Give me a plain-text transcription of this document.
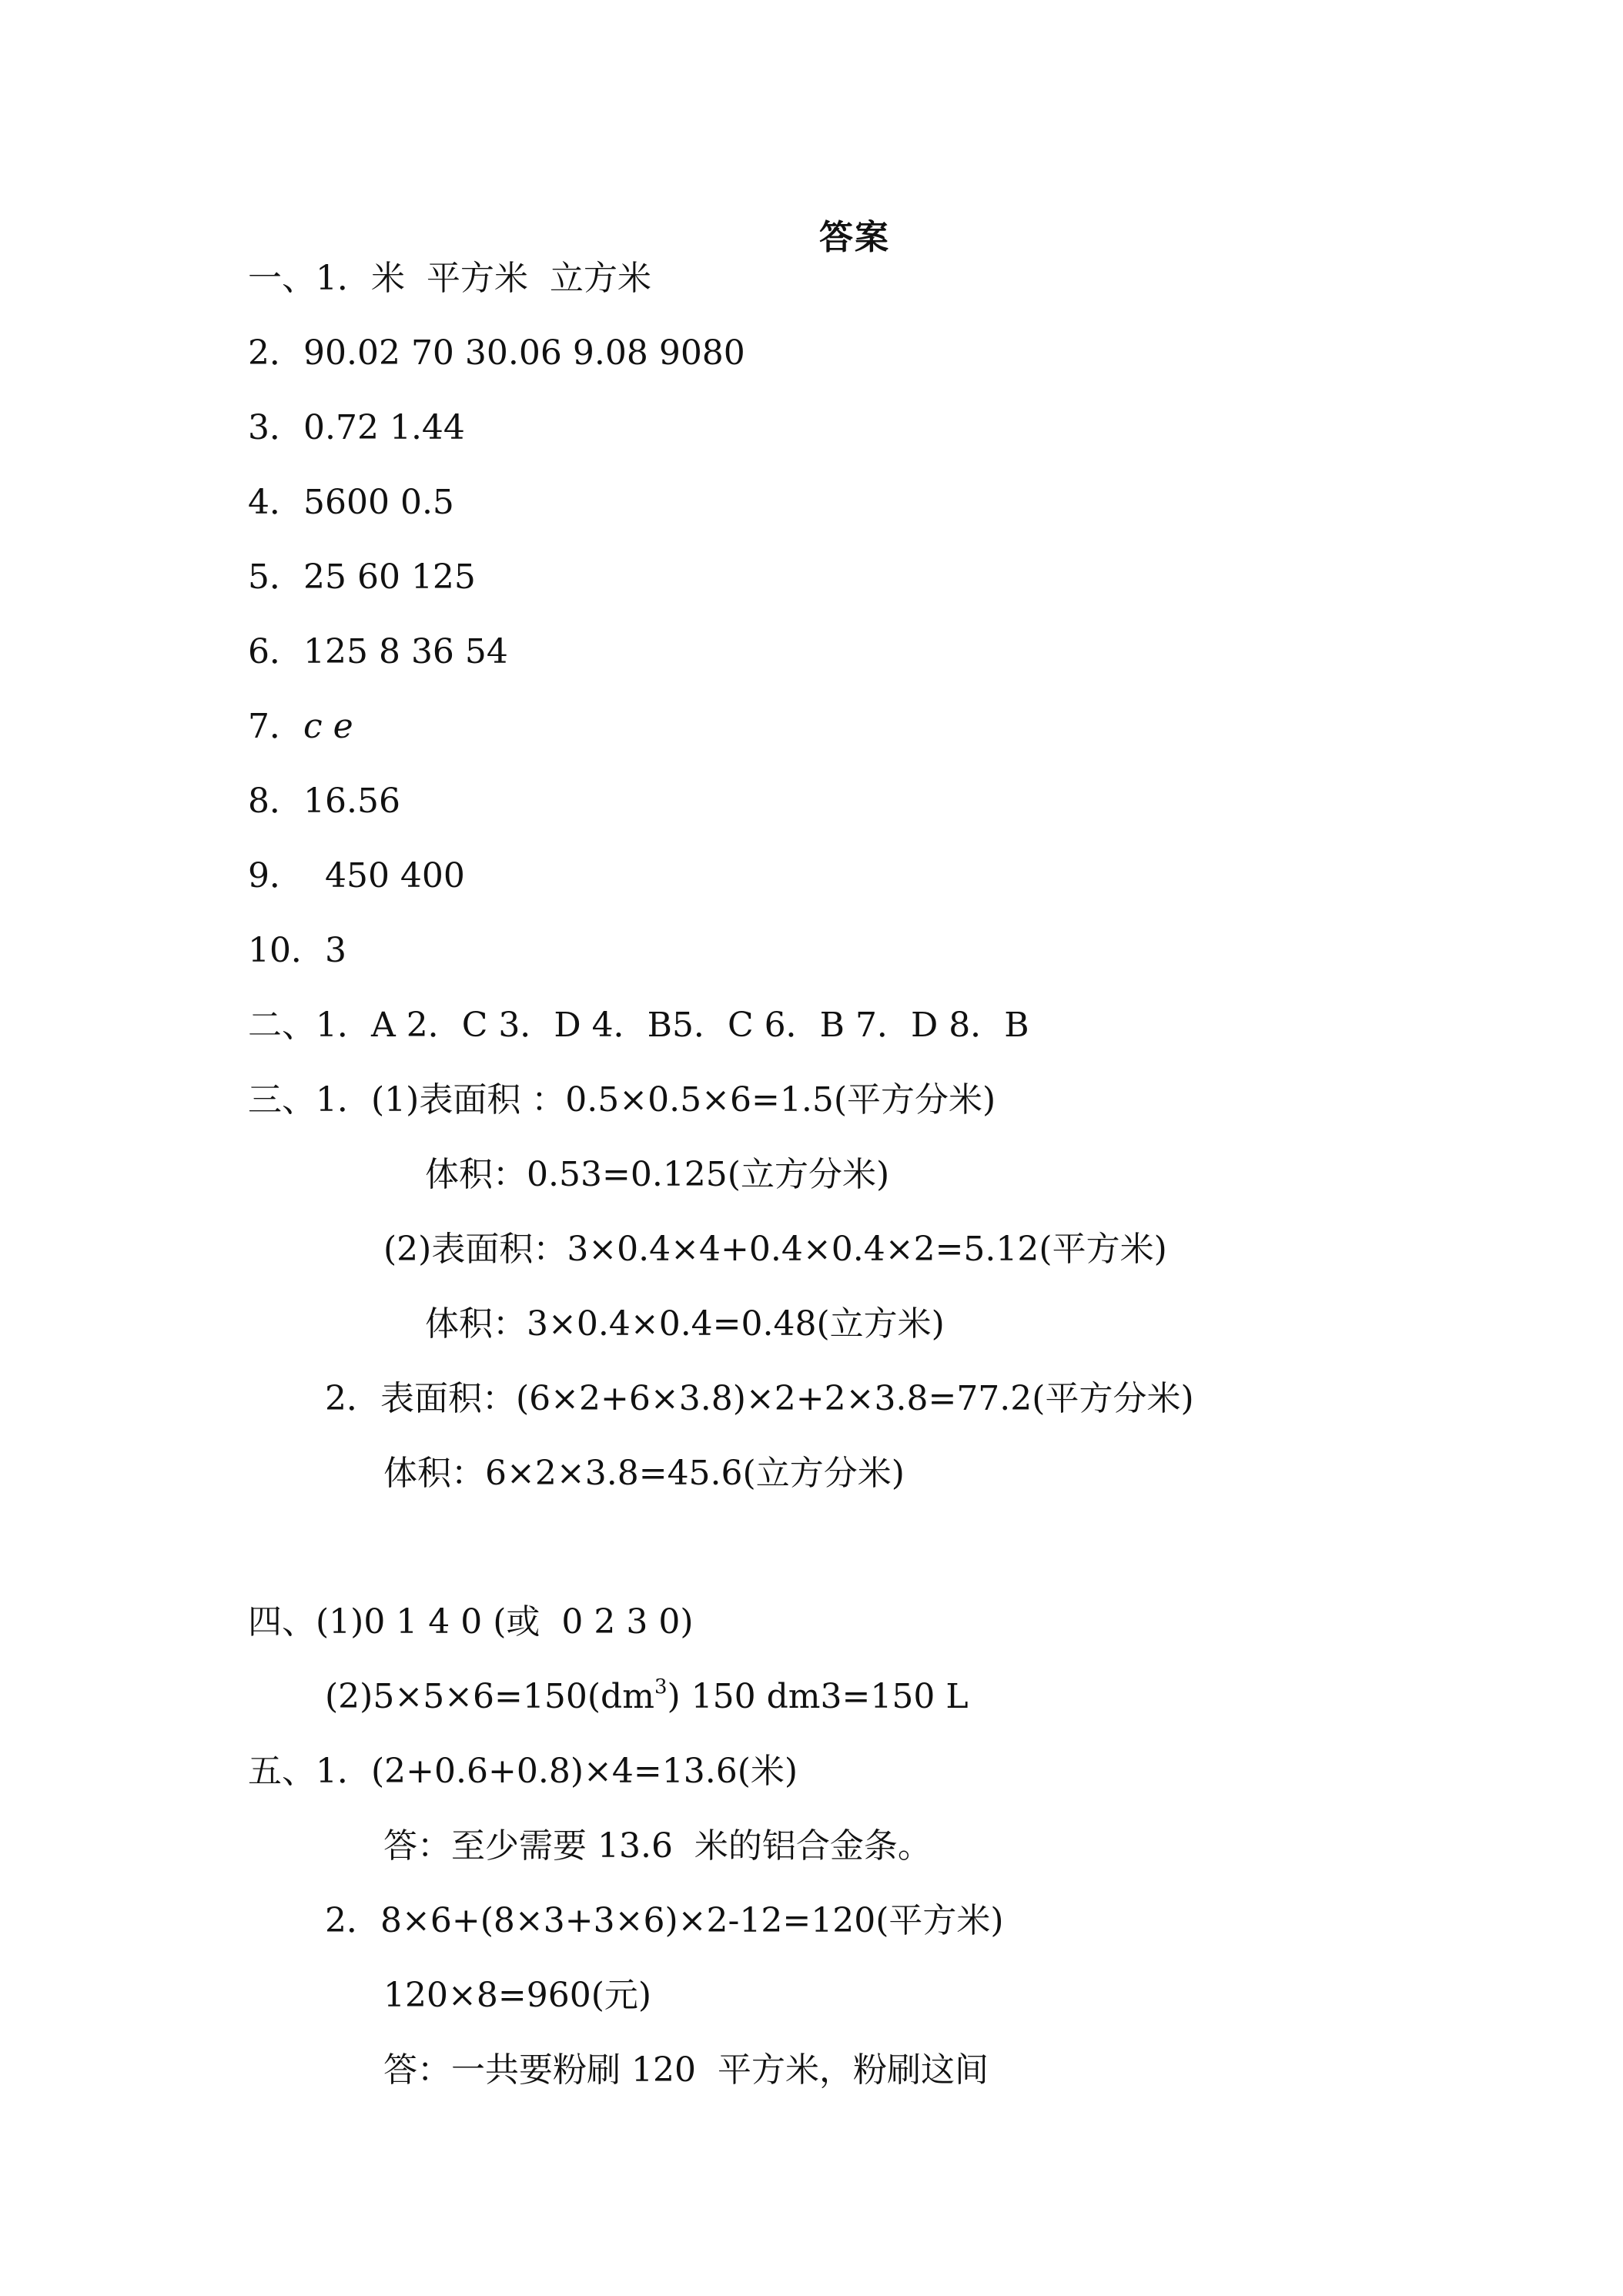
答案
一、1．米  平方米  立方米
2．90.02 70 30.06 9.08 9080
3．0.72 1.44
4．5600 0.5
5．25 60 125
6．125 8 36 54
7．c e
8．16.56
9．  450 400
10．3
二、1．A 2．C 3．D 4．B5．C 6．B 7．D 8．B
三、1．(1)表面积 ：0.5×0.5×6=1.5(平方分米)
体积：0.53=0.125(立方分米)
(2)表面积：3×0.4×4+0.4×0.4×2=5.12(平方米)
体积：3×0.4×0.4=0.48(立方米)
2．表面积：(6×2+6×3.8)×2+2×3.8=77.2(平方分米)
体积：6×2×3.8=45.6(立方分米)
四、(1)0 1 4 0 (或  0 2 3 0)
$(2)5\times 5\times 6=150(dm^3)$ 150 dm3=150 L
五、1．(2+0.6+0.8)×4=13.6(米)
答：至少需要 13.6  米的铝合金条。
2．8×6+(8×3+3×6)×2-12=120(平方米)
120×8=960(元)
答：一共要粉刷 120  平方米，粉刷这间
